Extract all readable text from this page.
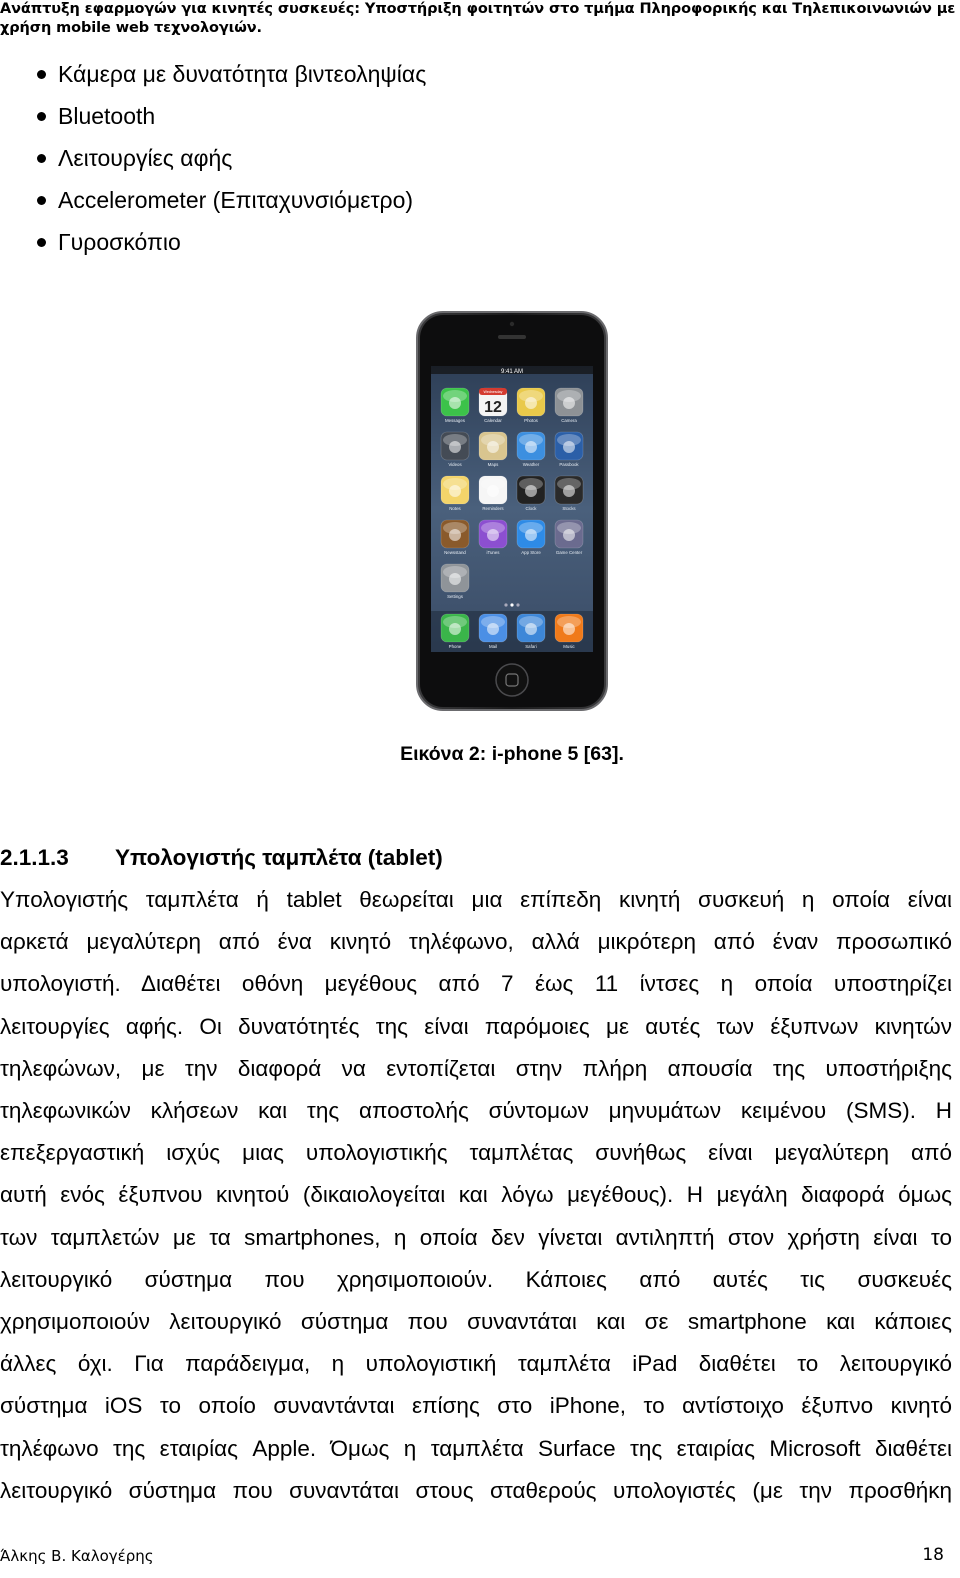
Ανάπτυξη εφαρμογών για κινητές συσκευές: Υποστήριξη φοιτητών στο τμήμα Πληροφορικής και Τηλεπικοινωνιών με χρήση mobile web τεχνολογιών.
Κάμερα με δυνατότητα βιντεοληψίας
Bluetooth
Λειτουργίες αφής
Accelerometer (Επιταχυνσιόμετρο)
Γυροσκόπιο
9:41 AM
Messages
Wednesday
12
Calendar	Photos	Camera
Videos	Maps	Weather	Passbook
Notes	Reminders	Clock	Stocks
Newsstand	iTunes	App Store	Game Center
Settings
Phone	Mail	Safari	Music
Εικόνα 2: i-phone 5 [63].
2.1.1.3 Υπολογιστής ταμπλέτα (tablet)
Υπολογιστής ταμπλέτα ή tablet θεωρείται μια επίπεδη κινητή συσκευή η οποία είναι
αρκετά μεγαλύτερη από ένα κινητό τηλέφωνο, αλλά μικρότερη από έναν προσωπικό
υπολογιστή. Διαθέτει οθόνη μεγέθους από 7 έως 11 ίντσες η οποία υποστηρίζει
λειτουργίες αφής. Οι δυνατότητές της είναι παρόμοιες με αυτές των έξυπνων κινητών
τηλεφώνων, με την διαφορά να εντοπίζεται στην πλήρη απουσία της υποστήριξης
τηλεφωνικών κλήσεων και της αποστολής σύντομων μηνυμάτων κειμένου (SMS). Η
επεξεργαστική ισχύς μιας υπολογιστικής ταμπλέτας συνήθως είναι μεγαλύτερη από
αυτή ενός έξυπνου κινητού (δικαιολογείται και λόγω μεγέθους). Η μεγάλη διαφορά όμως
των ταμπλετών με τα smartphones, η οποία δεν γίνεται αντιληπτή στον χρήστη είναι το
λειτουργικό σύστημα που χρησιμοποιούν. Κάποιες από αυτές τις συσκευές
χρησιμοποιούν λειτουργικό σύστημα που συναντάται και σε smartphone και κάποιες
άλλες όχι. Για παράδειγμα, η υπολογιστική ταμπλέτα iPad διαθέτει το λειτουργικό
σύστημα iOS το οποίο συναντάνται επίσης στο iPhone, το αντίστοιχο έξυπνο κινητό
τηλέφωνο της εταιρίας Apple. Όμως η ταμπλέτα Surface της εταιρίας Microsoft διαθέτει
λειτουργικό σύστημα που συναντάται στους σταθερούς υπολογιστές (με την προσθήκη
Άλκης Β. Καλογέρης	18
